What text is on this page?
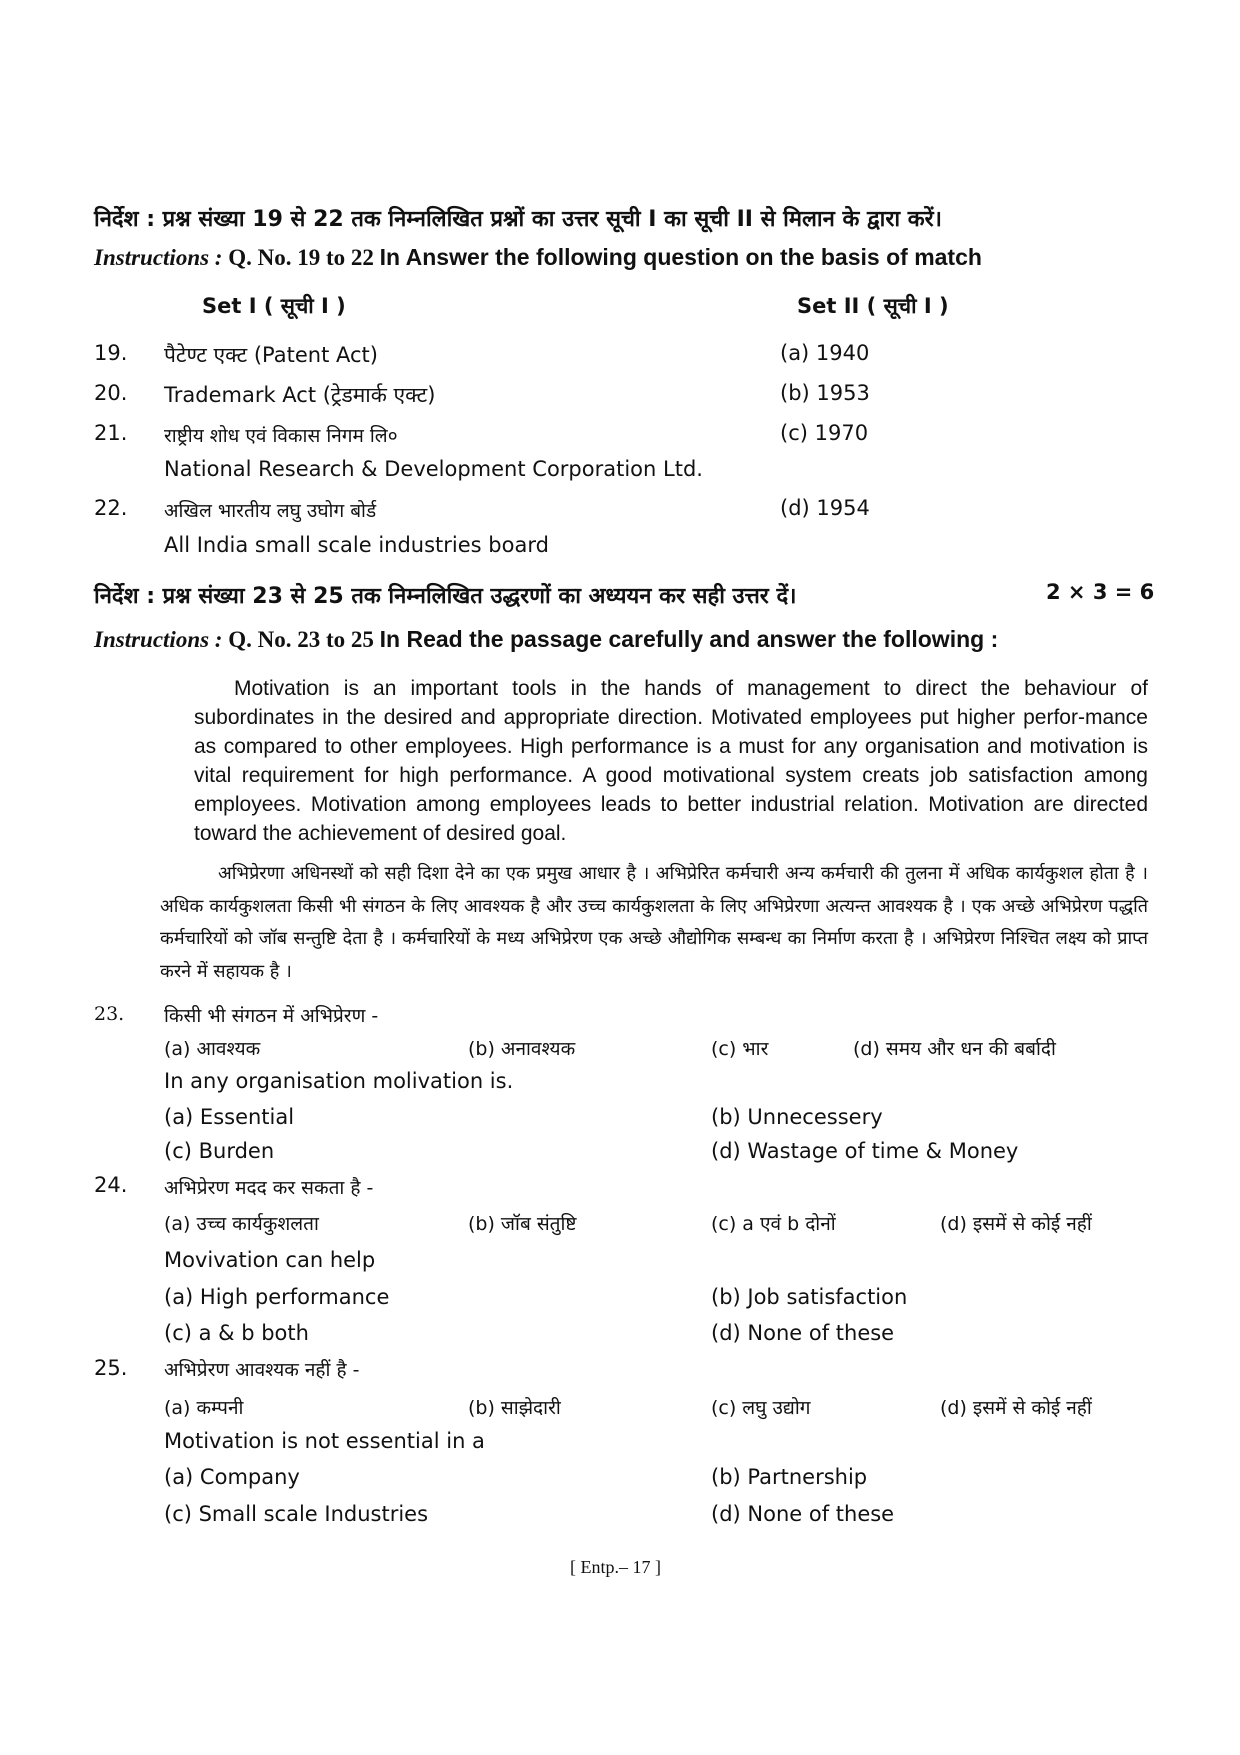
निर्देश : प्रश्न संख्या 19 से 22 तक निम्नलिखित प्रश्नों का उत्तर सूची I का सूची II से मिलान के द्वारा करें।
Instructions : Q. No. 19 to 22 In Answer the following question on the basis of match
Set I ( सूची I )	Set II ( सूची I )
19. पैटेण्ट एक्ट (Patent Act)	(a) 1940
20. Trademark Act (ट्रेडमार्क एक्ट)	(b) 1953
21. राष्ट्रीय शोध एवं विकास निगम लि०	(c) 1970
National Research & Development Corporation Ltd.
22. अखिल भारतीय लघु उघोग बोर्ड	(d) 1954
All India small scale industries board
निर्देश : प्रश्न संख्या 23 से 25 तक निम्नलिखित उद्धरणों का अध्ययन कर सही उत्तर दें।	2 × 3 = 6
Instructions : Q. No. 23 to 25 In Read the passage carefully and answer the following :
Motivation is an important tools in the hands of management to direct the behaviour of subordinates in the desired and appropriate direction. Motivated employees put higher perfor-mance as compared to other employees. High performance is a must for any organisation and motivation is vital requirement for high performance. A good motivational system creats job satisfaction among employees. Motivation among employees leads to better industrial relation. Motivation are directed toward the achievement of desired goal.
अभिप्रेरणा अधिनस्थों को सही दिशा देने का एक प्रमुख आधार है । अभिप्रेरित कर्मचारी अन्य कर्मचारी की तुलना में अधिक कार्यकुशल होता है । अधिक कार्यकुशलता किसी भी संगठन के लिए आवश्यक है और उच्च कार्यकुशलता के लिए अभिप्रेरणा अत्यन्त आवश्यक है । एक अच्छे अभिप्रेरण पद्धति कर्मचारियों को जॉब सन्तुष्टि देता है । कर्मचारियों के मध्य अभिप्रेरण एक अच्छे औद्योगिक सम्बन्ध का निर्माण करता है । अभिप्रेरण निश्चित लक्ष्य को प्राप्त करने में सहायक है ।
23. किसी भी संगठन में अभिप्रेरण -
(a) आवश्यक	(b) अनावश्यक	(c) भार	(d) समय और धन की बर्बादी
In any organisation molivation is.
(a) Essential	(b) Unnecessery
(c) Burden	(d) Wastage of time & Money
24. अभिप्रेरण मदद कर सकता है -
(a) उच्च कार्यकुशलता	(b) जॉब संतुष्टि	(c) a एवं b दोनों	(d) इसमें से कोई नहीं
Movivation can help
(a) High performance	(b) Job satisfaction
(c) a & b both	(d) None of these
25. अभिप्रेरण आवश्यक नहीं है -
(a) कम्पनी	(b) साझेदारी	(c) लघु उद्योग	(d) इसमें से कोई नहीं
Motivation is not essential in a
(a) Company	(b) Partnership
(c) Small scale Industries	(d) None of these
[ Entp.– 17 ]
